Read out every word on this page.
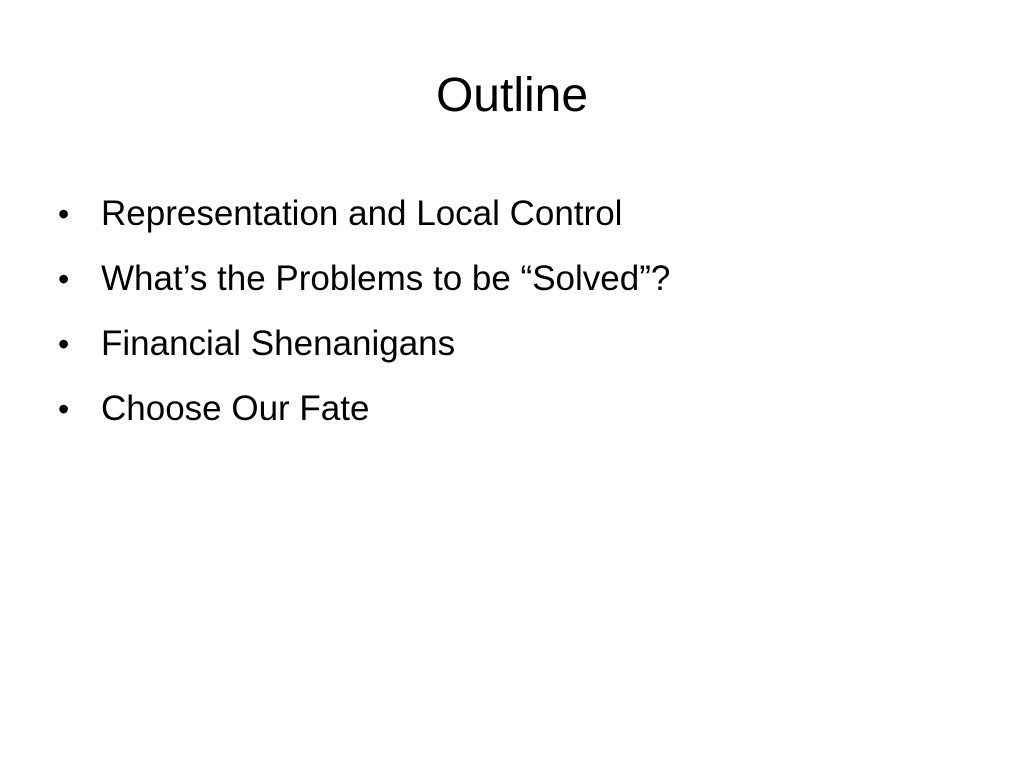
Outline
• Representation and Local Control
• What’s the Problems to be “Solved”?
• Financial Shenanigans
• Choose Our Fate
